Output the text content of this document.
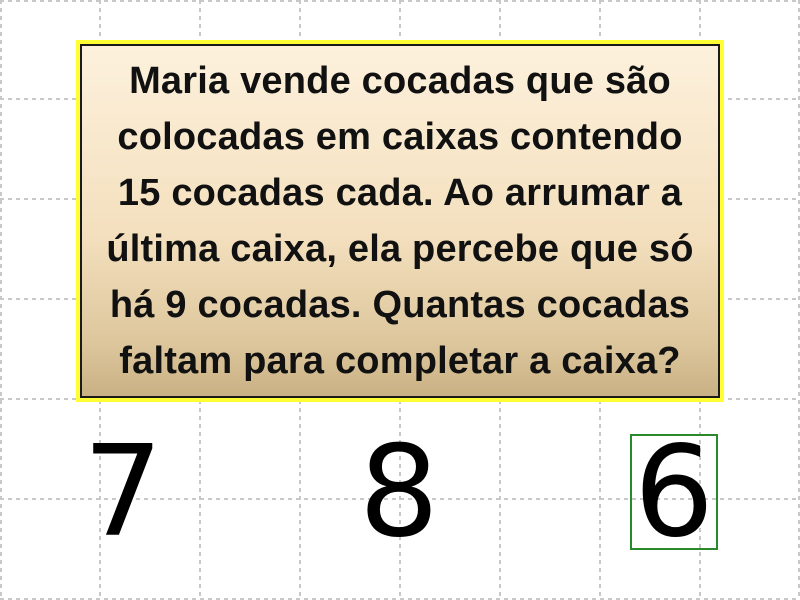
Maria vende cocadas que são colocadas em caixas contendo 15 cocadas cada. Ao arrumar a última caixa, ela percebe que só há 9 cocadas. Quantas cocadas faltam para completar a caixa?

7 8 6
